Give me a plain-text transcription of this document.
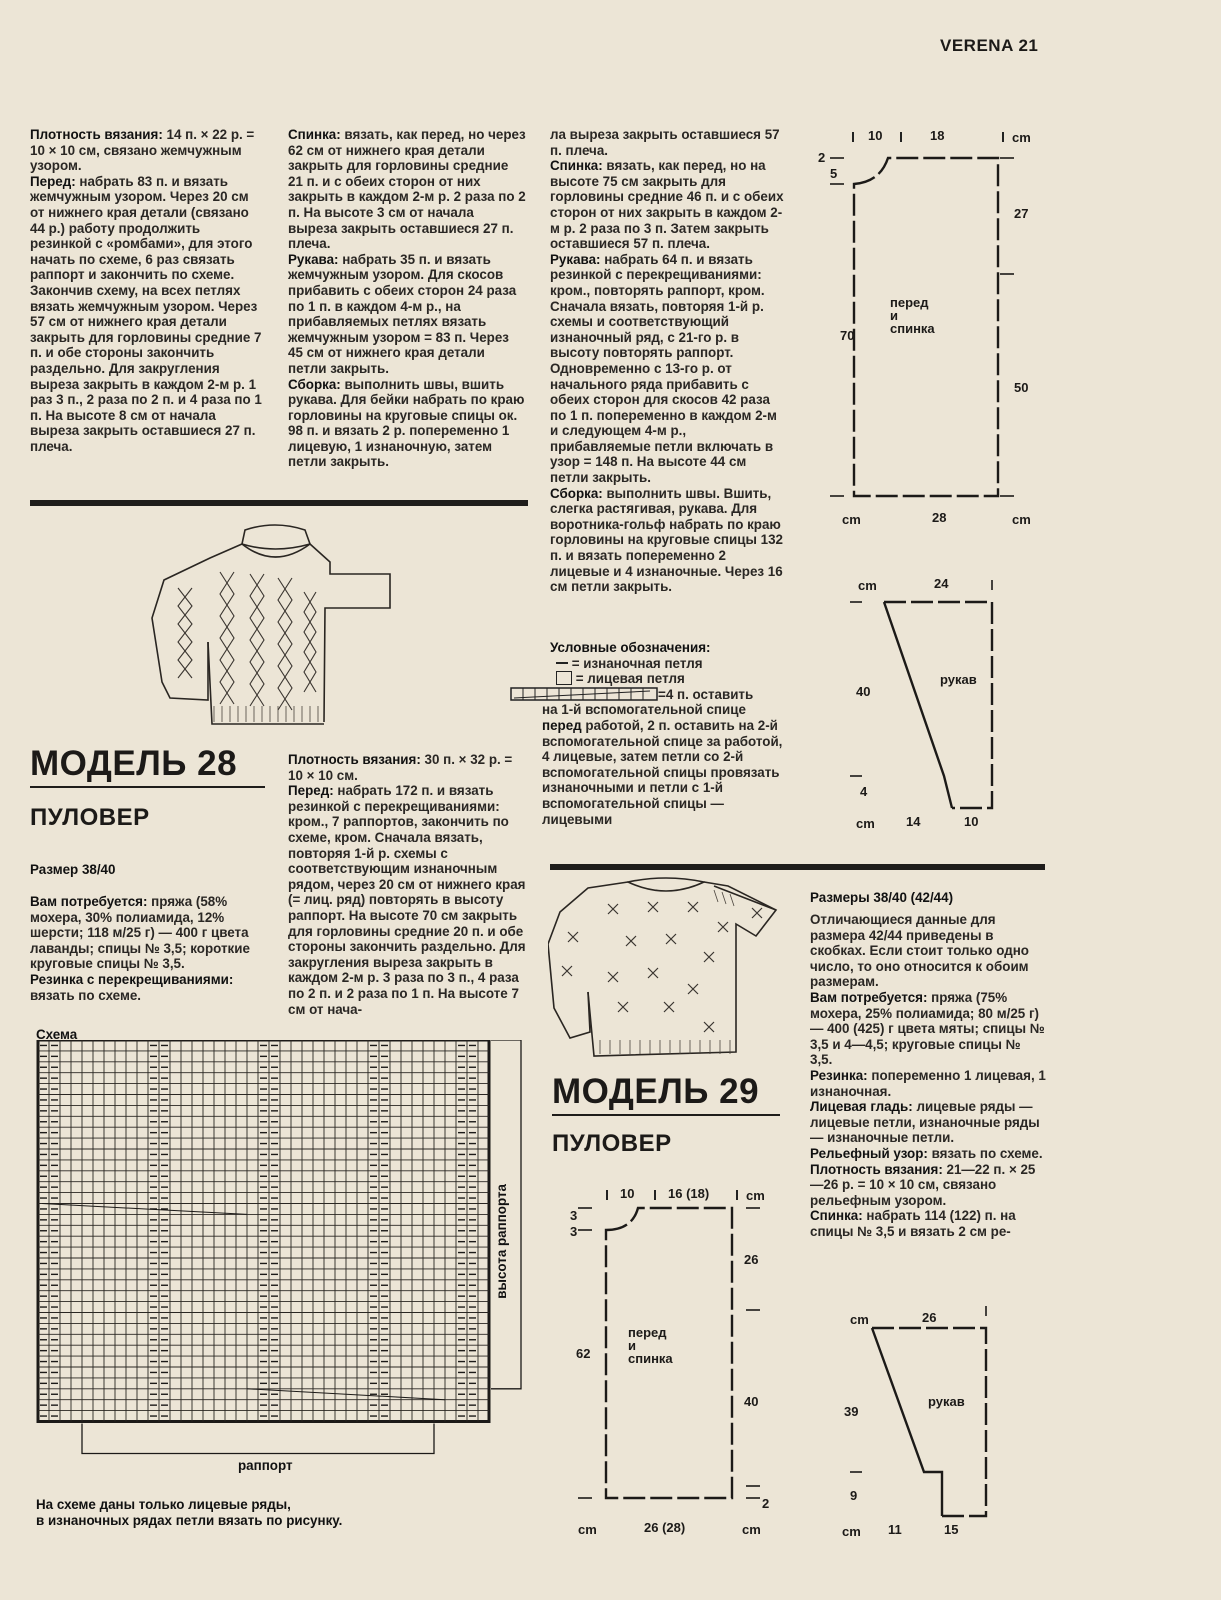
VERENA 21

Плотность вязания: 14 п. × 22 р. = 10 × 10 см, связано жемчужным узором.

Перед: набрать 83 п. и вязать жемчужным узором. Через 20 см от нижнего края детали (связано 44 р.) работу продолжить резинкой с «ромбами», для этого начать по схеме, 6 раз связать раппорт и закончить по схеме. Закончив схему, на всех петлях вязать жемчужным узором. Через 57 см от нижнего края детали закрыть для горловины средние 7 п. и обе стороны закончить раздельно. Для закругления выреза закрыть в каждом 2-м р. 1 раз 3 п., 2 раза по 2 п. и 4 раза по 1 п. На высоте 8 см от начала выреза закрыть оставшиеся 27 п. плеча.

Спинка: вязать, как перед, но через 62 см от нижнего края детали закрыть для горловины средние 21 п. и с обеих сторон от них закрыть в каждом 2-м р. 2 раза по 2 п. На высоте 3 см от начала выреза закрыть оставшиеся 27 п. плеча.

Рукава: набрать 35 п. и вязать жемчужным узором. Для скосов прибавить с обеих сторон 24 раза по 1 п. в каждом 4-м р., на прибавляемых петлях вязать жемчужным узором = 83 п. Через 45 см от нижнего края детали петли закрыть.

Сборка: выполнить швы, вшить рукава. Для бейки набрать по краю горловины на круговые спицы ок. 98 п. и вязать 2 р. попеременно 1 лицевую, 1 изнаночную, затем петли закрыть.

ла выреза закрыть оставшиеся 57 п. плеча.

Спинка: вязать, как перед, но на высоте 75 см закрыть для горловины средние 46 п. и с обеих сторон от них закрыть в каждом 2-м р. 2 раза по 3 п. Затем закрыть оставшиеся 57 п. плеча.

Рукава: набрать 64 п. и вязать резинкой с перекрещиваниями: кром., повторять раппорт, кром. Сначала вязать, повторяя 1-й р. схемы и соответствующий изнаночный ряд, с 21-го р. в высоту повторять раппорт. Одновременно с 13-го р. от начального ряда прибавить с обеих сторон для скосов 42 раза по 1 п. попеременно в каждом 2-м и следующем 4-м р., прибавляемые петли включать в узор = 148 п. На высоте 44 см петли закрыть.

Сборка: выполнить швы. Вшить, слегка растягивая, рукава. Для воротника-гольф набрать по краю горловины на круговые спицы 132 п. и вязать попеременно 2 лицевые и 4 изнаночные. Через 16 см петли закрыть.

Условные обозначения:
= изнаночная петля
= лицевая петля
=4 п. оставить
на 1-й вспомогательной спице перед работой, 2 п. оставить на 2-й вспомогательной спице за работой, 4 лицевые, затем петли со 2-й вспомогательной спицы провязать изнаночными и петли с 1-й вспомогательной спицы — лицевыми
МОДЕЛЬ 28
ПУЛОВЕР
Размер 38/40

Вам потребуется: пряжа (58% мохера, 30% полиамида, 12% шерсти; 118 м/25 г) — 400 г цвета лаванды; спицы № 3,5; короткие круговые спицы № 3,5.

Резинка с перекрещиваниями: вязать по схеме.

Плотность вязания: 30 п. × 32 р. = 10 × 10 см.

Перед: набрать 172 п. и вязать резинкой с перекрещиваниями: кром., 7 раппортов, закончить по схеме, кром. Сначала вязать, повторяя 1-й р. схемы с соответствующим изнаночным рядом, через 20 см от нижнего края (= лиц. ряд) повторять в высоту раппорт. На высоте 70 см закрыть для горловины средние 20 п. и обе стороны закончить раздельно. Для закругления выреза закрыть в каждом 2-м р. 3 раза по 3 п., 4 раза по 2 п. и 2 раза по 1 п. На высоте 7 см от нача-

Схема
раппорт
высота раппорта
На схеме даны только лицевые ряды,
в изнаночных рядах петли вязать по рисунку.
10	18	cm
2
5
27
50
70
перед
и
спинка
cm	28	cm
cm	24
40
4
рукав
cm 14	10
МОДЕЛЬ 29
ПУЛОВЕР
Размеры 38/40 (42/44)

Отличающиеся данные для размера 42/44 приведены в скобках. Если стоит только одно число, то оно относится к обоим размерам.

Вам потребуется: пряжа (75% мохера, 25% полиамида; 80 м/25 г) — 400 (425) г цвета мяты; спицы № 3,5 и 4—4,5; круговые спицы № 3,5.

Резинка: попеременно 1 лицевая, 1 изнаночная.

Лицевая гладь: лицевые ряды — лицевые петли, изнаночные ряды — изнаночные петли.

Рельефный узор: вязать по схеме.

Плотность вязания: 21—22 п. × 25—26 р. = 10 × 10 см, связано рельефным узором.

Спинка: набрать 114 (122) п. на спицы № 3,5 и вязать 2 см ре-

10	16 (18)	cm
3
3
26
40
2
62
перед
и
спинка
cm	26 (28)	cm
cm	26
39
9
рукав
cm 11	15
